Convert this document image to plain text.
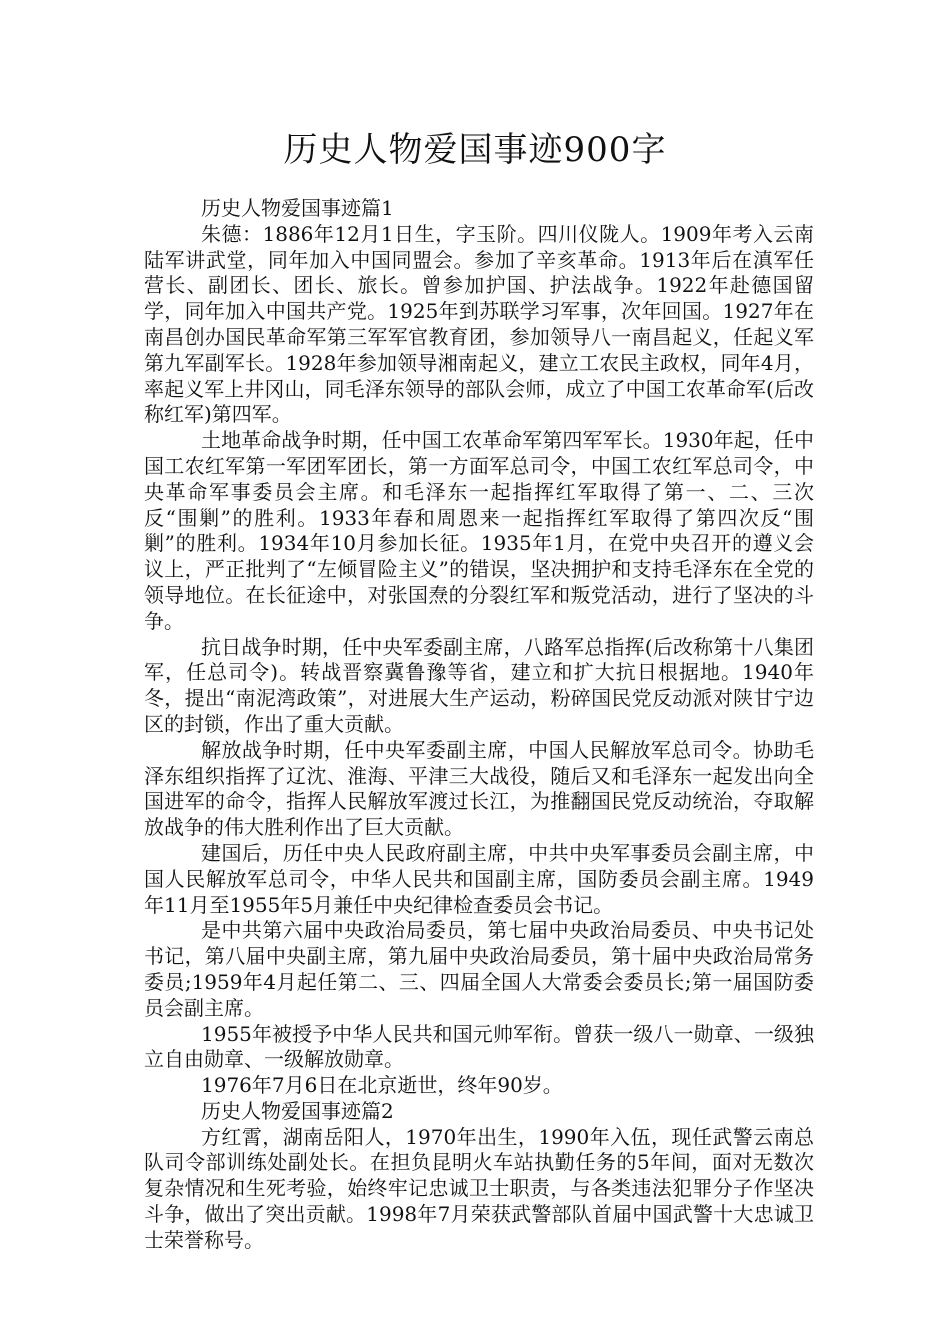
历史人物爱国事迹900字

历史人物爱国事迹篇1

朱德：1886年12月1日生，字玉阶。四川仪陇人。1909年考入云南陆军讲武堂，同年加入中国同盟会。参加了辛亥革命。1913年后在滇军任营长、副团长、团长、旅长。曾参加护国、护法战争。1922年赴德国留学，同年加入中国共产党。1925年到苏联学习军事，次年回国。1927年在南昌创办国民革命军第三军军官教育团，参加领导八一南昌起义，任起义军第九军副军长。1928年参加领导湘南起义，建立工农民主政权，同年4月，率起义军上井冈山，同毛泽东领导的部队会师，成立了中国工农革命军(后改称红军)第四军。

土地革命战争时期，任中国工农革命军第四军军长。1930年起，任中国工农红军第一军团军团长，第一方面军总司令，中国工农红军总司令，中央革命军事委员会主席。和毛泽东一起指挥红军取得了第一、二、三次反“围剿”的胜利。1933年春和周恩来一起指挥红军取得了第四次反“围剿”的胜利。1934年10月参加长征。1935年1月，在党中央召开的遵义会议上，严正批判了“左倾冒险主义”的错误，坚决拥护和支持毛泽东在全党的领导地位。在长征途中，对张国焘的分裂红军和叛党活动，进行了坚决的斗争。

抗日战争时期，任中央军委副主席，八路军总指挥(后改称第十八集团军，任总司令)。转战晋察冀鲁豫等省，建立和扩大抗日根据地。1940年冬，提出“南泥湾政策”，对进展大生产运动，粉碎国民党反动派对陕甘宁边区的封锁，作出了重大贡献。

解放战争时期，任中央军委副主席，中国人民解放军总司令。协助毛泽东组织指挥了辽沈、淮海、平津三大战役，随后又和毛泽东一起发出向全国进军的命令，指挥人民解放军渡过长江，为推翻国民党反动统治，夺取解放战争的伟大胜利作出了巨大贡献。

建国后，历任中央人民政府副主席，中共中央军事委员会副主席，中国人民解放军总司令，中华人民共和国副主席，国防委员会副主席。1949年11月至1955年5月兼任中央纪律检查委员会书记。

是中共第六届中央政治局委员，第七届中央政治局委员、中央书记处书记，第八届中央副主席，第九届中央政治局委员，第十届中央政治局常务委员;1959年4月起任第二、三、四届全国人大常委会委员长;第一届国防委员会副主席。

1955年被授予中华人民共和国元帅军衔。曾获一级八一勋章、一级独立自由勋章、一级解放勋章。

1976年7月6日在北京逝世，终年90岁。

历史人物爱国事迹篇2

方红霄，湖南岳阳人，1970年出生，1990年入伍，现任武警云南总队司令部训练处副处长。在担负昆明火车站执勤任务的5年间，面对无数次复杂情况和生死考验，始终牢记忠诚卫士职责，与各类违法犯罪分子作坚决斗争，做出了突出贡献。1998年7月荣获武警部队首届中国武警十大忠诚卫士荣誉称号。
